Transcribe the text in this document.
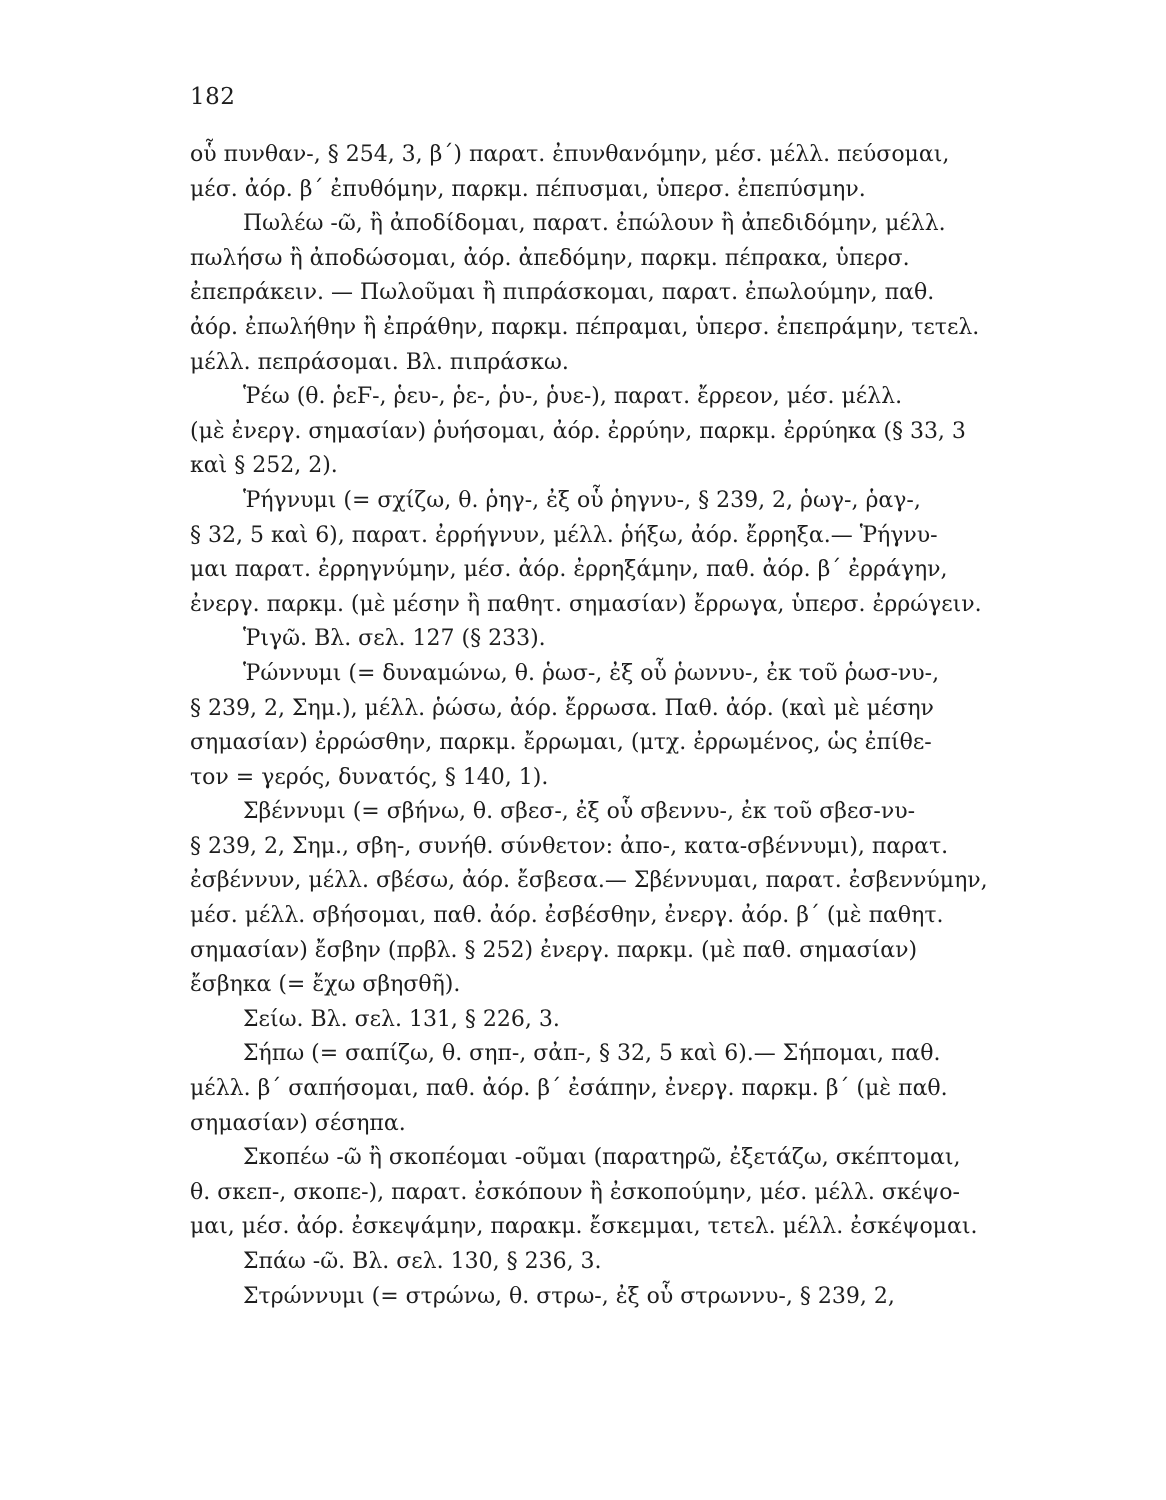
182
οὗ πυνθαν-, § 254, 3, β΄) παρατ. ἐπυνθανόμην, μέσ. μέλλ. πεύσομαι,
μέσ. ἀόρ. β΄ ἐπυθόμην, παρκμ. πέπυσμαι, ὑπερσ. ἐπεπύσμην.
Πωλέω -ῶ, ἢ ἀποδίδομαι, παρατ. ἐπώλουν ἢ ἀπεδιδόμην, μέλλ.
πωλήσω ἢ ἀποδώσομαι, ἀόρ. ἀπεδόμην, παρκμ. πέπρακα, ὑπερσ.
ἐπεπράκειν. — Πωλοῦμαι ἢ πιπράσκομαι, παρατ. ἐπωλούμην, παθ.
ἀόρ. ἐπωλήθην ἢ ἐπράθην, παρκμ. πέπραμαι, ὑπερσ. ἐπεπράμην, τετελ.
μέλλ. πεπράσομαι. Βλ. πιπράσκω.
Ῥέω (θ. ῥεϜ-, ῥευ-, ῥε-, ῥυ-, ῥυε-), παρατ. ἔρρεον, μέσ. μέλλ.
(μὲ ἐνεργ. σημασίαν) ῥυήσομαι, ἀόρ. ἐρρύην, παρκμ. ἐρρύηκα (§ 33, 3
καὶ § 252, 2).
Ῥήγνυμι (= σχίζω, θ. ῥηγ-, ἐξ οὗ ῥηγνυ-, § 239, 2, ῥωγ-, ῥαγ-,
§ 32, 5 καὶ 6), παρατ. ἐρρήγνυν, μέλλ. ῥήξω, ἀόρ. ἔρρηξα.— Ῥήγνυ-
μαι παρατ. ἐρρηγνύμην, μέσ. ἀόρ. ἐρρηξάμην, παθ. ἀόρ. β΄ ἐρράγην,
ἐνεργ. παρκμ. (μὲ μέσην ἢ παθητ. σημασίαν) ἔρρωγα, ὑπερσ. ἐρρώγειν.
Ῥιγῶ. Βλ. σελ. 127 (§ 233).
Ῥώννυμι (= δυναμώνω, θ. ῥωσ-, ἐξ οὗ ῥωννυ-, ἐκ τοῦ ῥωσ-νυ-,
§ 239, 2, Σημ.), μέλλ. ῥώσω, ἀόρ. ἔρρωσα. Παθ. ἀόρ. (καὶ μὲ μέσην
σημασίαν) ἐρρώσθην, παρκμ. ἔρρωμαι, (μτχ. ἐρρωμένος, ὡς ἐπίθε-
τον = γερός, δυνατός, § 140, 1).
Σβέννυμι (= σβήνω, θ. σβεσ-, ἐξ οὗ σβεννυ-, ἐκ τοῦ σβεσ-νυ-
§ 239, 2, Σημ., σβη-, συνήθ. σύνθετον: ἀπο-, κατα-σβέννυμι), παρατ.
ἐσβέννυν, μέλλ. σβέσω, ἀόρ. ἔσβεσα.— Σβέννυμαι, παρατ. ἐσβεννύμην,
μέσ. μέλλ. σβήσομαι, παθ. ἀόρ. ἐσβέσθην, ἐνεργ. ἀόρ. β΄ (μὲ παθητ.
σημασίαν) ἔσβην (πρβλ. § 252) ἐνεργ. παρκμ. (μὲ παθ. σημασίαν)
ἔσβηκα (= ἔχω σβησθῆ).
Σείω. Βλ. σελ. 131, § 226, 3.
Σήπω (= σαπίζω, θ. σηπ-, σἀπ-, § 32, 5 καὶ 6).— Σήπομαι, παθ.
μέλλ. β΄ σαπήσομαι, παθ. ἀόρ. β΄ ἐσάπην, ἐνεργ. παρκμ. β΄ (μὲ παθ.
σημασίαν) σέσηπα.
Σκοπέω -ῶ ἢ σκοπέομαι -οῦμαι (παρατηρῶ, ἐξετάζω, σκέπτομαι,
θ. σκεπ-, σκοπε-), παρατ. ἐσκόπουν ἢ ἐσκοπούμην, μέσ. μέλλ. σκέψο-
μαι, μέσ. ἀόρ. ἐσκεψάμην, παρακμ. ἔσκεμμαι, τετελ. μέλλ. ἐσκέψομαι.
Σπάω -ῶ. Βλ. σελ. 130, § 236, 3.
Στρώννυμι (= στρώνω, θ. στρω-, ἐξ οὗ στρωννυ-, § 239, 2,
